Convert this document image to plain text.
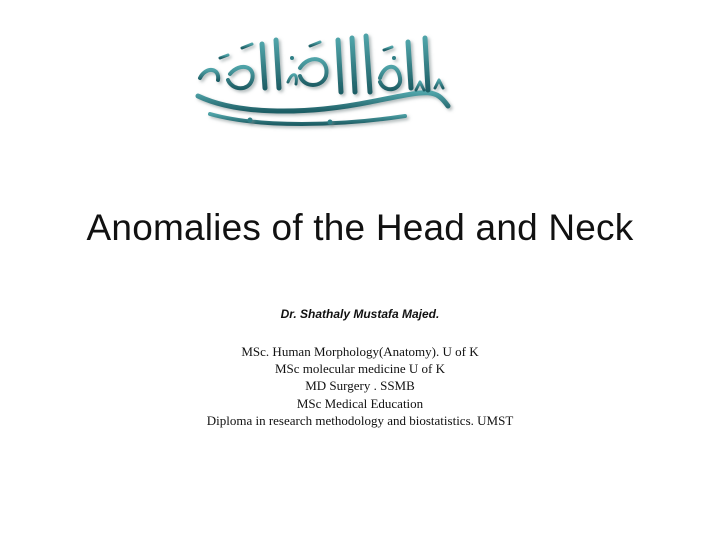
Anomalies of the Head and Neck
Dr. Shathaly Mustafa Majed.
MSc. Human Morphology(Anatomy). U of K
MSc molecular medicine U of K
MD Surgery . SSMB
MSc Medical Education
Diploma in research methodology and biostatistics. UMST
